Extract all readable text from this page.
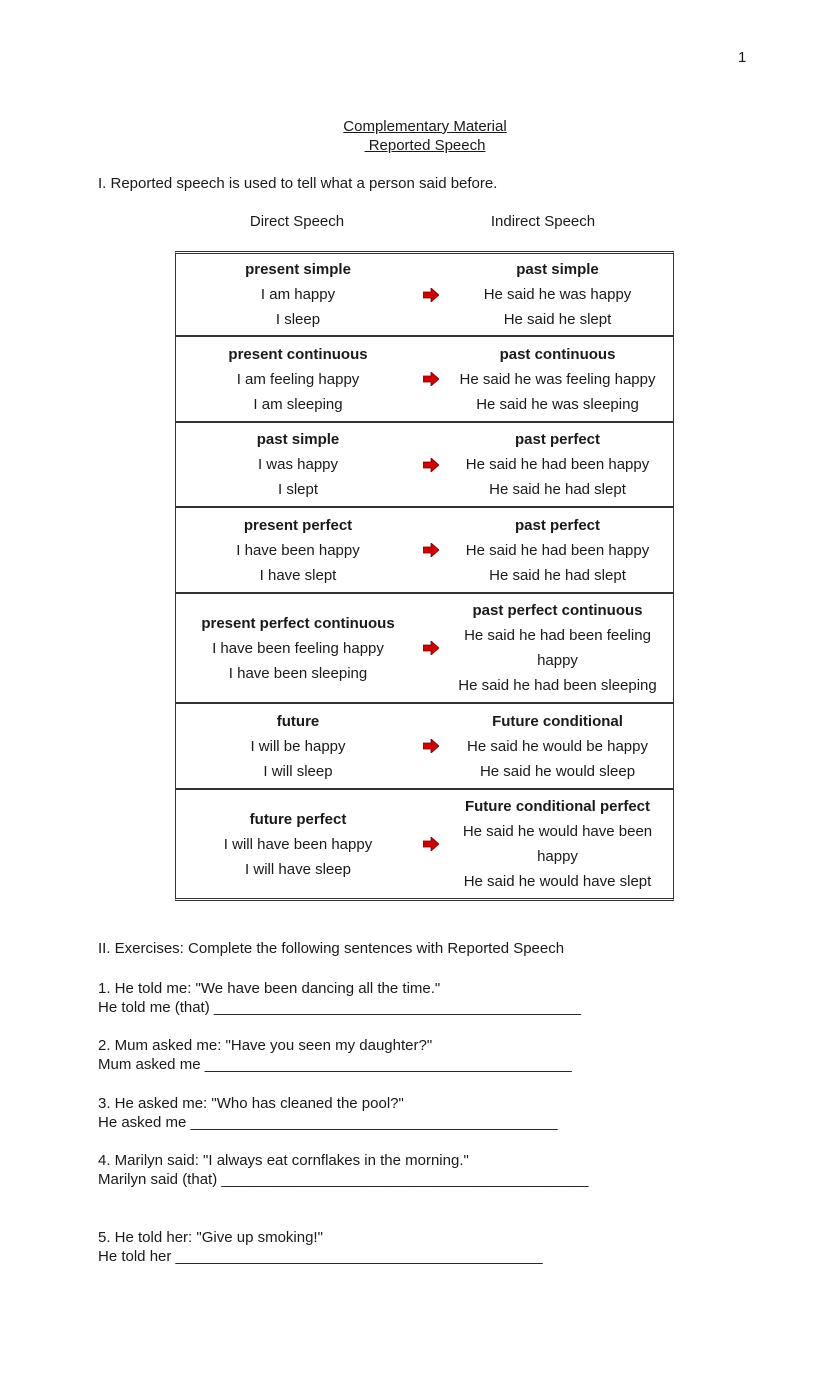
1
Complementary Material
Reported Speech
I. Reported speech is used to tell what a person said before.
Direct Speech	Indirect Speech
present simple
I am happy
I sleep
past simple
He said he was happy
He said he slept
present continuous
I am feeling happy
I am sleeping
past continuous
He said he was feeling happy
He said he was sleeping
past simple
I was happy
I slept
past perfect
He said he had been happy
He said he had slept
present perfect
I have been happy
I have slept
past perfect
He said he had been happy
He said he had slept
present perfect continuous
I have been feeling happy
I have been sleeping
past perfect continuous
He said he had been feeling happy
He said he had been sleeping
future
I will be happy
I will sleep
Future conditional
He said he would be happy
He said he would sleep
future perfect
I will have been happy
I will have sleep
Future conditional perfect
He said he would have been happy
He said he would have slept
II. Exercises: Complete the following sentences with Reported Speech
1. He told me: "We have been dancing all the time."
He told me (that) ____________________________________________
2. Mum asked me: "Have you seen my daughter?"
Mum asked me ____________________________________________
3. He asked me: "Who has cleaned the pool?"
He asked me ____________________________________________
4. Marilyn said: "I always eat cornflakes in the morning."
Marilyn said (that) ____________________________________________
5. He told her: "Give up smoking!"
He told her ____________________________________________
